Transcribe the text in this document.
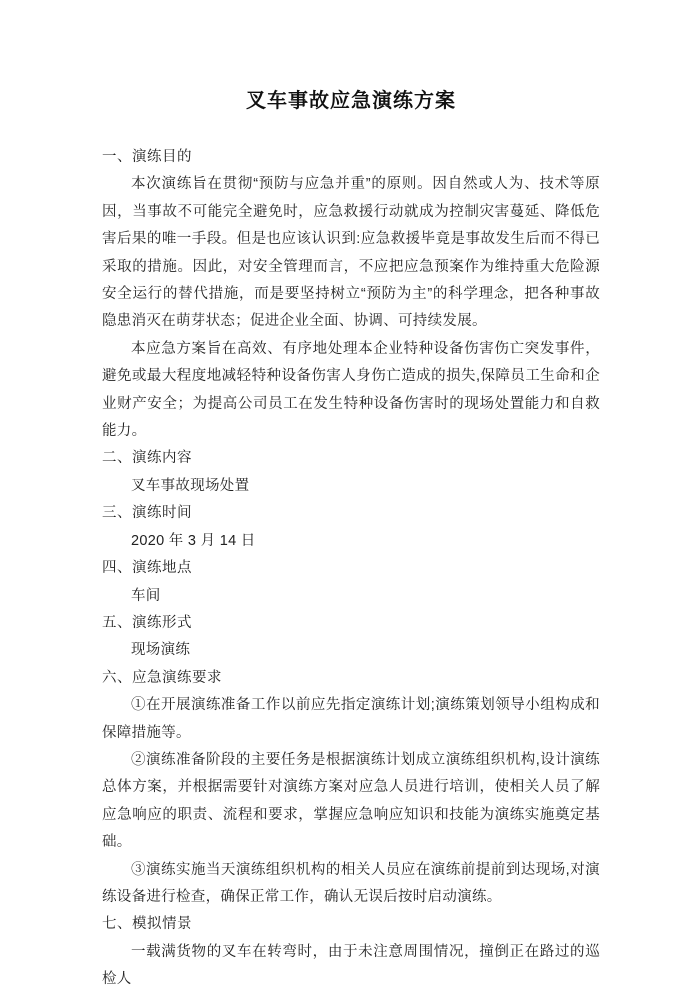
叉车事故应急演练方案
一、演练目的

本次演练旨在贯彻“预防与应急并重”的原则。因自然或人为、技术等原因，当事故不可能完全避免时，应急救援行动就成为控制灾害蔓延、降低危害后果的唯一手段。但是也应该认识到:应急救援毕竟是事故发生后而不得已采取的措施。因此，对安全管理而言，不应把应急预案作为维持重大危险源安全运行的替代措施，而是要坚持树立“预防为主”的科学理念，把各种事故隐患消灭在萌芽状态；促进企业全面、协调、可持续发展。

本应急方案旨在高效、有序地处理本企业特种设备伤害伤亡突发事件，避免或最大程度地减轻特种设备伤害人身伤亡造成的损失,保障员工生命和企业财产安全；为提高公司员工在发生特种设备伤害时的现场处置能力和自救能力。

二、演练内容

叉车事故现场处置

三、演练时间

2020 年 3 月 14 日

四、演练地点

车间

五、演练形式

现场演练

六、应急演练要求

①在开展演练准备工作以前应先指定演练计划;演练策划领导小组构成和保障措施等。

②演练准备阶段的主要任务是根据演练计划成立演练组织机构,设计演练总体方案，并根据需要针对演练方案对应急人员进行培训，使相关人员了解应急响应的职责、流程和要求，掌握应急响应知识和技能为演练实施奠定基础。

③演练实施当天演练组织机构的相关人员应在演练前提前到达现场,对演练设备进行检查，确保正常工作，确认无误后按时启动演练。

七、模拟情景

一载满货物的叉车在转弯时，由于未注意周围情况，撞倒正在路过的巡检人
